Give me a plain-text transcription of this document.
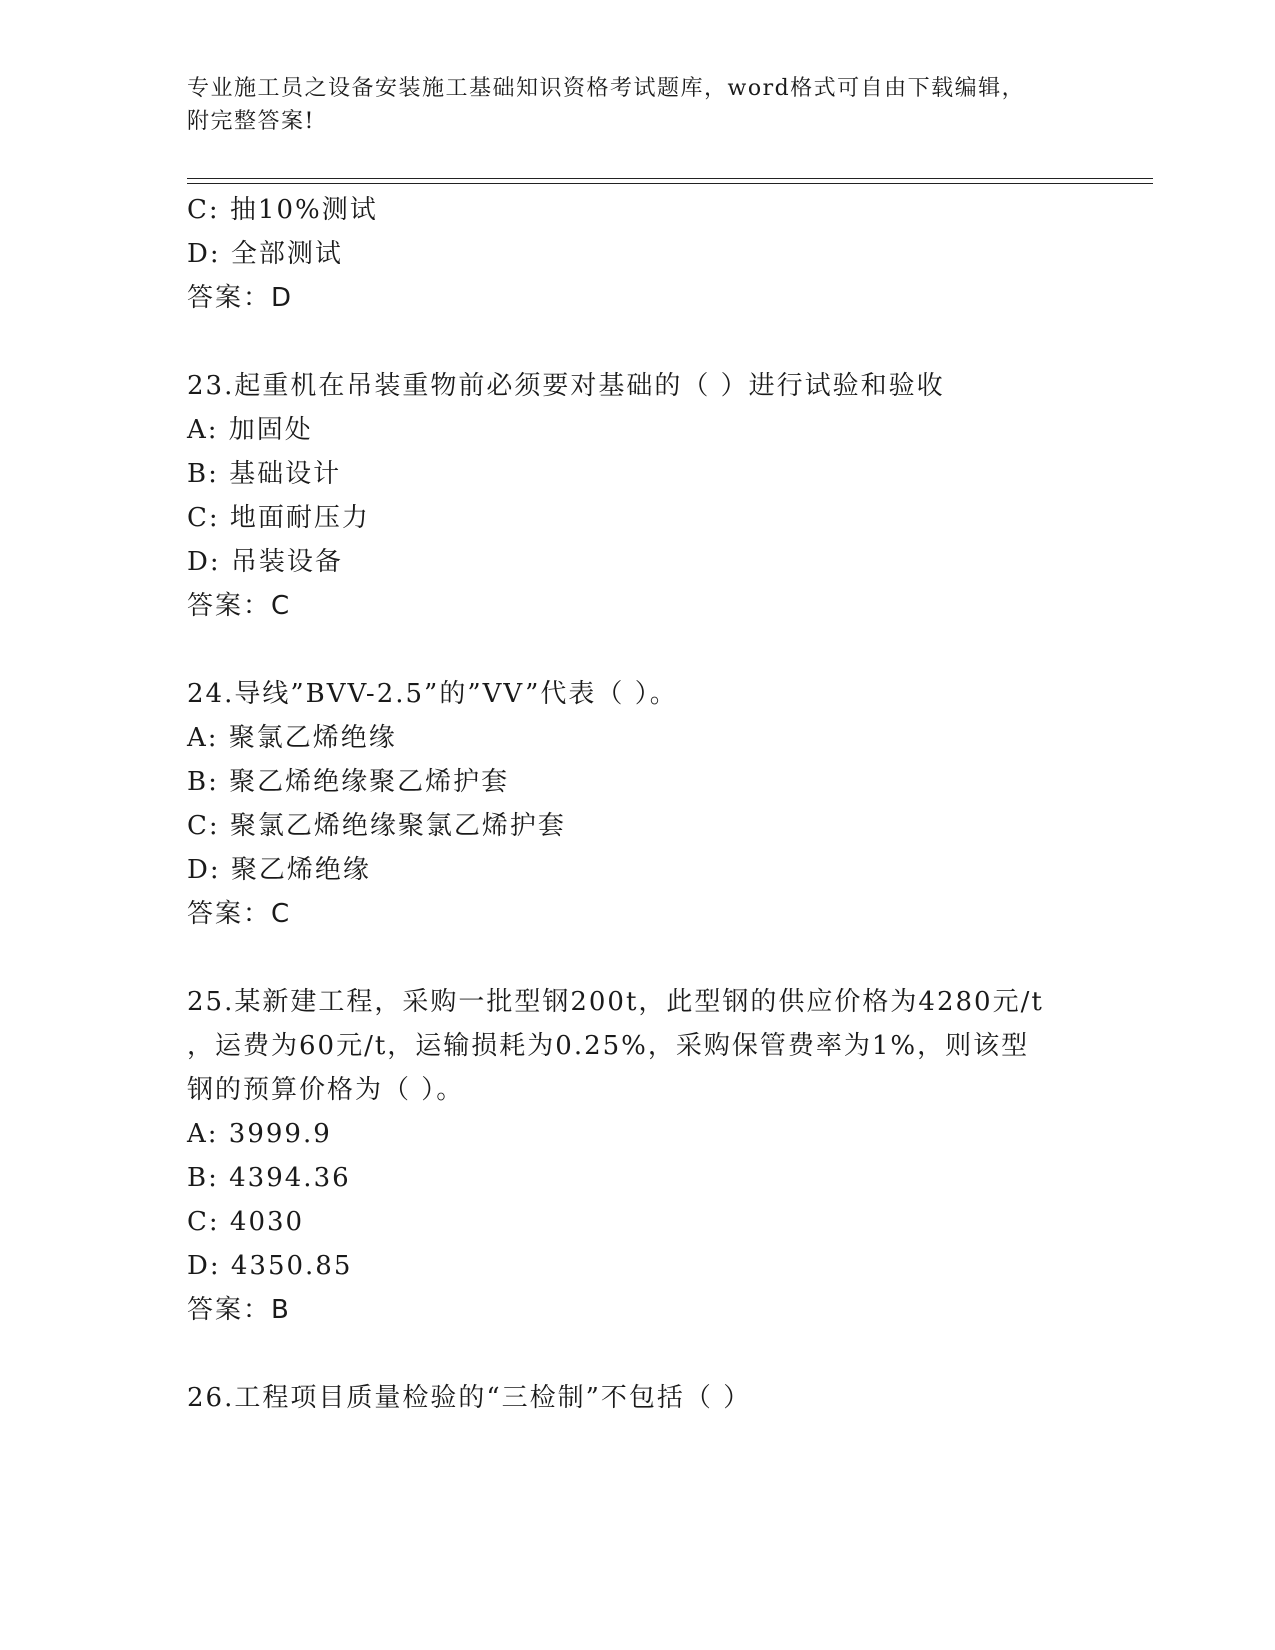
专业施工员之设备安装施工基础知识资格考试题库，word格式可自由下载编辑，
附完整答案!
C: 抽10%测试
D: 全部测试
答案：D
23.起重机在吊装重物前必须要对基础的（ ）进行试验和验收
A: 加固处
B: 基础设计
C: 地面耐压力
D: 吊装设备
答案：C
24.导线”BVV-2.5”的”VV”代表（ ）。
A: 聚氯乙烯绝缘
B: 聚乙烯绝缘聚乙烯护套
C: 聚氯乙烯绝缘聚氯乙烯护套
D: 聚乙烯绝缘
答案：C
25.某新建工程，采购一批型钢200t，此型钢的供应价格为4280元/t
，运费为60元/t，运输损耗为0.25%，采购保管费率为1%，则该型
钢的预算价格为（ ）。
A: 3999.9
B: 4394.36
C: 4030
D: 4350.85
答案：B
26.工程项目质量检验的“三检制”不包括（ ）
